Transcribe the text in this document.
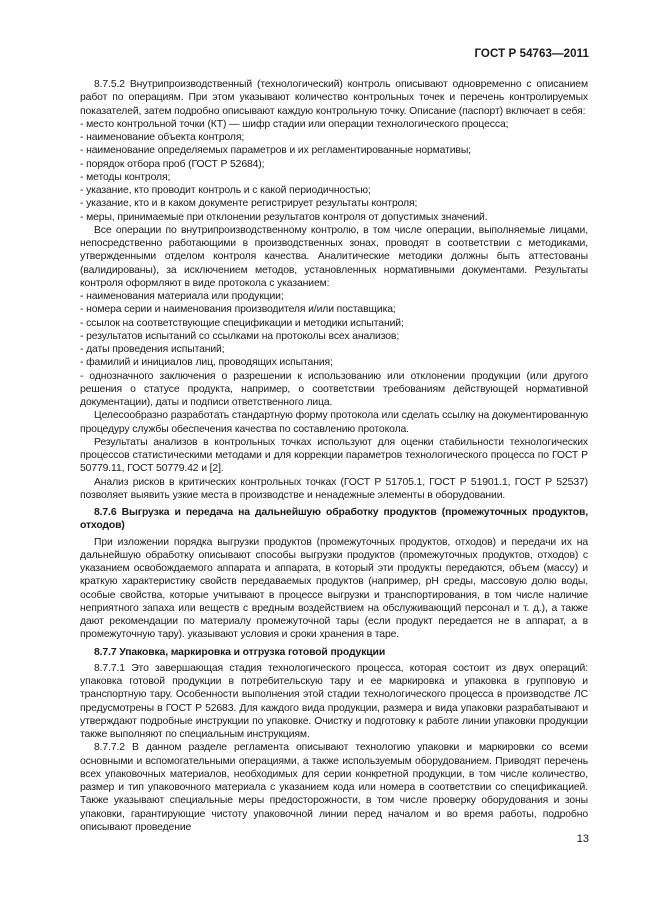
ГОСТ Р 54763—2011

8.7.5.2 Внутрипроизводственный (технологический) контроль описывают одновременно с описанием работ по операциям. При этом указывают количество контрольных точек и перечень контролируемых показателей, затем подробно описывают каждую контрольную точку. Описание (паспорт) включает в себя:

- место контрольной точки (КТ) — шифр стадии или операции технологического процесса;

- наименование объекта контроля;

- наименование определяемых параметров и их регламентированные нормативы;

- порядок отбора проб (ГОСТ Р 52684);

- методы контроля;

- указание, кто проводит контроль и с какой периодичностью;

- указание, кто и в каком документе регистрирует результаты контроля;

- меры, принимаемые при отклонении результатов контроля от допустимых значений.

Все операции по внутрипроизводственному контролю, в том числе операции, выполняемые лицами, непосредственно работающими в производственных зонах, проводят в соответствии с методиками, утвержденными отделом контроля качества. Аналитические методики должны быть аттестованы (валидированы), за исключением методов, установленных нормативными документами. Результаты контроля оформляют в виде протокола с указанием:

- наименования материала или продукции;

- номера серии и наименования производителя и/или поставщика;

- ссылок на соответствующие спецификации и методики испытаний;

- результатов испытаний со ссылками на протоколы всех анализов;

- даты проведения испытаний;

- фамилий и инициалов лиц, проводящих испытания;

- однозначного заключения о разрешении к использованию или отклонении продукции (или другого решения о статусе продукта, например, о соответствии требованиям действующей нормативной документации), даты и подписи ответственного лица.

Целесообразно разработать стандартную форму протокола или сделать ссылку на документированную процедуру службы обеспечения качества по составлению протокола.

Результаты анализов в контрольных точках используют для оценки стабильности технологических процессов статистическими методами и для коррекции параметров технологического процесса по ГОСТ Р 50779.11, ГОСТ 50779.42 и [2].

Анализ рисков в критических контрольных точках (ГОСТ Р 51705.1, ГОСТ Р 51901.1, ГОСТ Р 52537) позволяет выявить узкие места в производстве и ненадежные элементы в оборудовании.

8.7.6 Выгрузка и передача на дальнейшую обработку продуктов (промежуточных продуктов, отходов)

При изложении порядка выгрузки продуктов (промежуточных продуктов, отходов) и передачи их на дальнейшую обработку описывают способы выгрузки продуктов (промежуточных продуктов, отходов) с указанием освобождаемого аппарата и аппарата, в который эти продукты передаются, объем (массу) и краткую характеристику свойств передаваемых продуктов (например, pH среды, массовую долю воды, особые свойства, которые учитывают в процессе выгрузки и транспортирования, в том числе наличие неприятного запаха или веществ с вредным воздействием на обслуживающий персонал и т. д.), а также дают рекомендации по материалу промежуточной тары (если продукт передается не в аппарат, а в промежуточную тару). указывают условия и сроки хранения в таре.

8.7.7 Упаковка, маркировка и отгрузка готовой продукции

8.7.7.1 Это завершающая стадия технологического процесса, которая состоит из двух операций: упаковка готовой продукции в потребительскую тару и ее маркировка и упаковка в групповую и транспортную тару. Особенности выполнения этой стадии технологического процесса в производстве ЛС предусмотрены в ГОСТ Р 52683. Для каждого вида продукции, размера и вида упаковки разрабатывают и утверждают подробные инструкции по упаковке. Очистку и подготовку к работе линии упаковки продукции также выполняют по специальным инструкциям.

8.7.7.2 В данном разделе регламента описывают технологию упаковки и маркировки со всеми основными и вспомогательными операциями, а также используемым оборудованием. Приводят перечень всех упаковочных материалов, необходимых для серии конкретной продукции, в том числе количество, размер и тип упаковочного материала с указанием кода или номера в соответствии со спецификацией. Также указывают специальные меры предосторожности, в том числе проверку оборудования и зоны упаковки, гарантирующие чистоту упаковочной линии перед началом и во время работы, подробно описывают проведение

13
